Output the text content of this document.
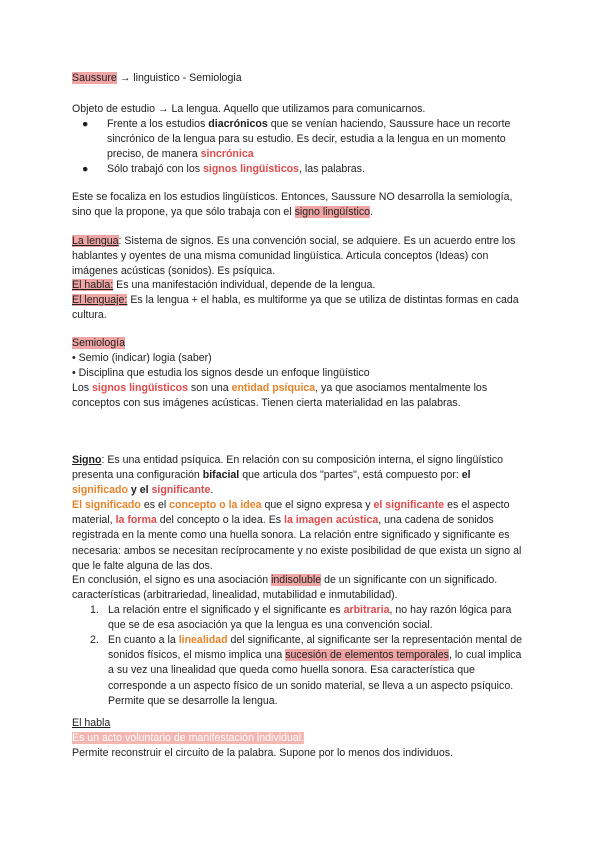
Saussure → linguistico - Semiologia
Objeto de estudio → La lengua. Aquello que utilizamos para comunicarnos.
● Frente a los estudios diacrónicos que se venían haciendo, Saussure hace un recorte sincrónico de la lengua para su estudio. Es decir, estudia a la lengua en un momento preciso, de manera sincrónica
● Sólo trabajó con los signos lingüísticos, las palabras.
Este se focaliza en los estudios lingüísticos. Entonces, Saussure NO desarrolla la semiología, sino que la propone, ya que sólo trabaja con el signo lingüístico.
La lengua: Sistema de signos. Es una convención social, se adquiere. Es un acuerdo entre los hablantes y oyentes de una misma comunidad lingüística. Articula conceptos (Ideas) con imágenes acústicas (sonidos). Es psíquica.
El habla: Es una manifestación individual, depende de la lengua.
El lenguaje: Es la lengua + el habla, es multiforme ya que se utiliza de distintas formas en cada cultura.
Semiología
• Semio (indicar) logia (saber)
• Disciplina que estudia los signos desde un enfoque lingüístico
Los signos lingüísticos son una entidad psíquica, ya que asociamos mentalmente los conceptos con sus imágenes acústicas. Tienen cierta materialidad en las palabras.
Signo: Es una entidad psíquica. En relación con su composición interna, el signo lingüístico presenta una configuración bifacial que articula dos "partes", está compuesto por: el significado y el significante.
El significado es el concepto o la idea que el signo expresa y el significante es el aspecto material, la forma del concepto o la idea. Es la imagen acústica, una cadena de sonidos registrada en la mente como una huella sonora. La relación entre significado y significante es necesaria: ambos se necesitan recíprocamente y no existe posibilidad de que exista un signo al que le falte alguna de las dos.
En conclusión, el signo es una asociación indisoluble de un significante con un significado.
características (arbitrariedad, linealidad, mutabilidad e inmutabilidad).
1. La relación entre el significado y el significante es arbitraria, no hay razón lógica para que se de esa asociación ya que la lengua es una convención social.
2. En cuanto a la linealidad del significante, al significante ser la representación mental de sonidos físicos, el mismo implica una sucesión de elementos temporales, lo cual implica a su vez una linealidad que queda como huella sonora. Esa característica que corresponde a un aspecto físico de un sonido material, se lleva a un aspecto psíquico. Permite que se desarrolle la lengua.
El habla
Es un acto voluntario de manifestación individual.
Permite reconstruir el circuito de la palabra. Supone por lo menos dos individuos.
